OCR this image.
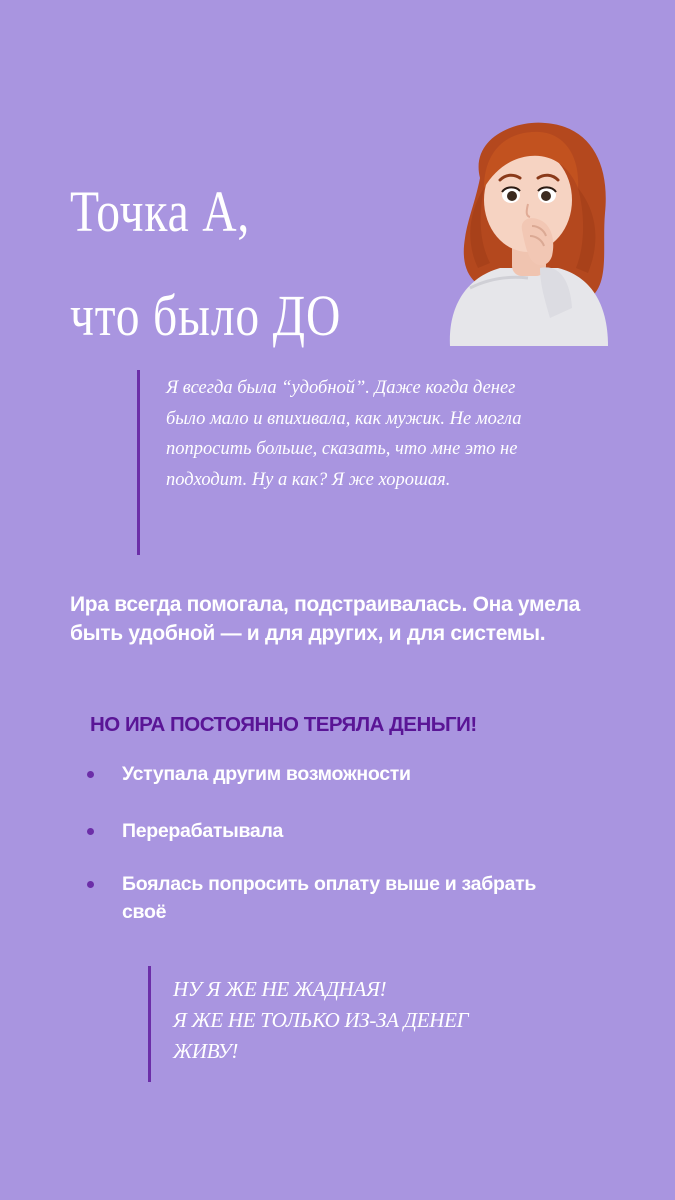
Точка А,
что было ДО
Я всегда была “удобной”. Даже когда денег было мало и впихивала, как мужик. Не могла попросить больше, сказать, что мне это не подходит. Ну а как? Я же хорошая.
Ира всегда помогала, подстраивалась. Она умела быть удобной — и для других, и для системы.
НО ИРА ПОСТОЯННО ТЕРЯЛА ДЕНЬГИ!
Уступала другим возможности
Перерабатывала
Боялась попросить оплату выше и забрать своё
НУ Я ЖЕ НЕ ЖАДНАЯ!
Я ЖЕ НЕ ТОЛЬКО ИЗ-ЗА ДЕНЕГ
ЖИВУ!
